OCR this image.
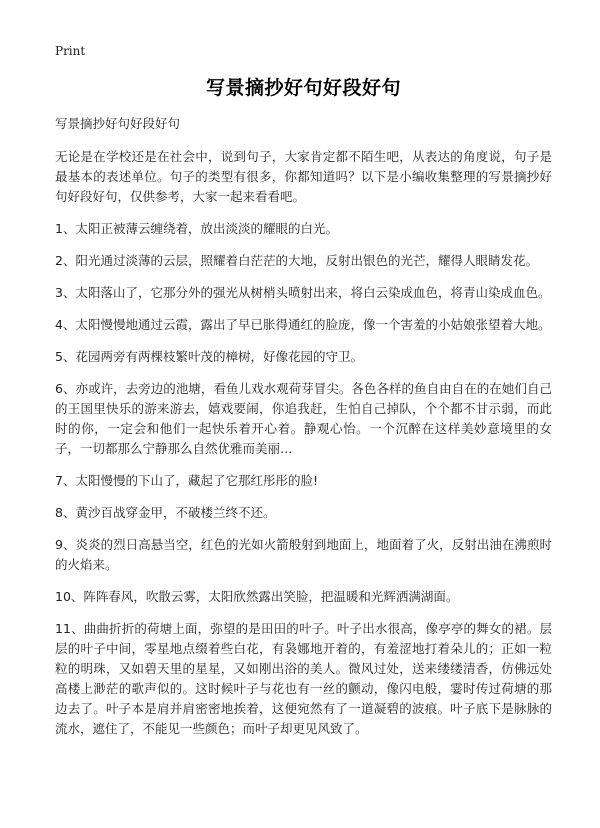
Print
写景摘抄好句好段好句

写景摘抄好句好段好句

无论是在学校还是在社会中，说到句子，大家肯定都不陌生吧，从表达的角度说，句子是最基本的表述单位。句子的类型有很多，你都知道吗？以下是小编收集整理的写景摘抄好句好段好句，仅供参考，大家一起来看看吧。

1、太阳正被薄云缠绕着，放出淡淡的耀眼的白光。

2、阳光通过淡薄的云层，照耀着白茫茫的大地，反射出银色的光芒，耀得人眼睛发花。

3、太阳落山了，它那分外的强光从树梢头喷射出来，将白云染成血色，将青山染成血色。

4、太阳慢慢地通过云霞，露出了早已胀得通红的脸庞，像一个害羞的小姑娘张望着大地。

5、花园两旁有两棵枝繁叶茂的樟树，好像花园的守卫。

6、亦或许，去旁边的池塘，看鱼儿戏水观荷芽冒尖。各色各样的鱼自由自在的在她们自己的王国里快乐的游来游去，嬉戏要闹，你追我赶，生怕自己掉队，个个都不甘示弱，而此时的你，一定会和他们一起快乐着开心着。静观心怡。一个沉醉在这样美妙意境里的女子，一切都那么宁静那么自然优雅而美丽…

7、太阳慢慢的下山了，藏起了它那红彤彤的脸!

8、黄沙百战穿金甲，不破楼兰终不还。

9、炎炎的烈日高悬当空，红色的光如火箭般射到地面上，地面着了火，反射出油在沸煎时的火焰来。

10、阵阵春风，吹散云雾，太阳欣然露出笑脸，把温暖和光辉洒满湖面。

11、曲曲折折的荷塘上面，弥望的是田田的叶子。叶子出水很高，像亭亭的舞女的裙。层层的叶子中间，零星地点缀着些白花，有袅娜地开着的，有羞涩地打着朵儿的；正如一粒粒的明珠，又如碧天里的星星，又如刚出浴的美人。微风过处，送来缕缕清香，仿佛远处高楼上渺茫的歌声似的。这时候叶子与花也有一丝的颤动，像闪电般，霎时传过荷塘的那边去了。叶子本是肩并肩密密地挨着，这便宛然有了一道凝碧的波痕。叶子底下是脉脉的流水，遮住了，不能见一些颜色；而叶子却更见风致了。
